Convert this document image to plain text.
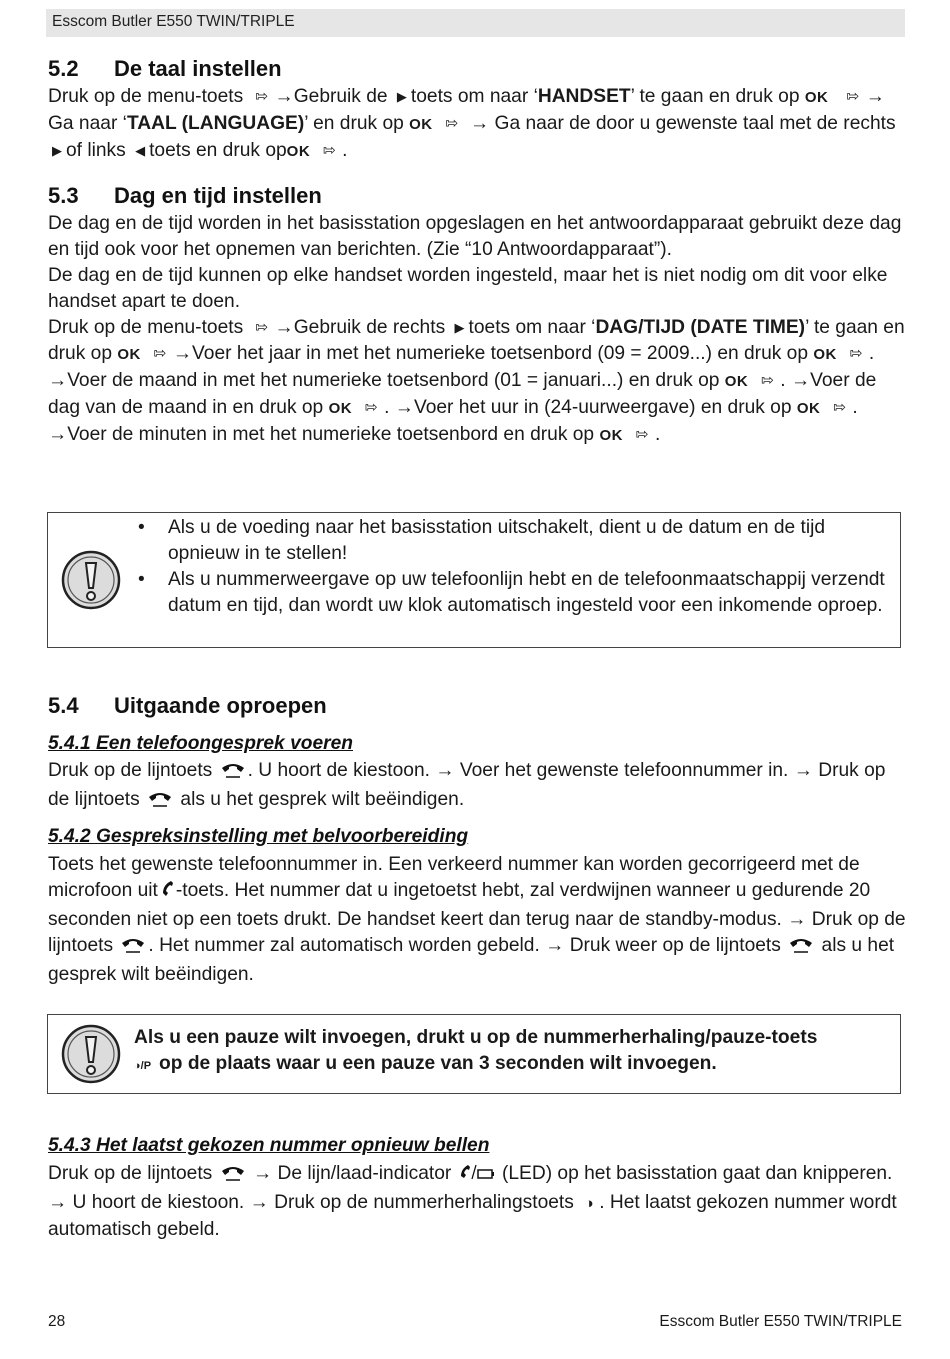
Esscom Butler E550 TWIN/TRIPLE
5.2 De taal instellen

Druk op de menu-toets ⇰ →Gebruik de ▶ toets om naar ‘HANDSET’ te gaan en druk op OK ⇰ → Ga naar ‘TAAL (LANGUAGE)’ en druk op OK ⇰ → Ga naar de door u gewenste taal met de rechts ▶ of links ◀ toets en druk opOK ⇰ .

5.3 Dag en tijd instellen

De dag en de tijd worden in het basisstation opgeslagen en het antwoordapparaat gebruikt deze dag en tijd ook voor het opnemen van berichten. (Zie “10 Antwoordapparaat”).

De dag en de tijd kunnen op elke handset worden ingesteld, maar het is niet nodig om dit voor elke handset apart te doen.

Druk op de menu-toets ⇰ →Gebruik de rechts ▶ toets om naar ‘DAG/TIJD (DATE TIME)’ te gaan en druk op OK ⇰ →Voer het jaar in met het numerieke toetsenbord (09 = 2009...) en druk op OK ⇰ . →Voer de maand in met het numerieke toetsenbord (01 = januari...) en druk op OK ⇰ . →Voer de dag van de maand in en druk op OK ⇰ . →Voer het uur in (24-uurweergave) en druk op OK ⇰ . →Voer de minuten in met het numerieke toetsenbord en druk op OK ⇰ .

• Als u de voeding naar het basisstation uitschakelt, dient u de datum en de tijd opnieuw in te stellen!
• Als u nummerweergave op uw telefoonlijn hebt en de telefoonmaatschappij verzendt datum en tijd, dan wordt uw klok automatisch ingesteld voor een inkomende oproep.
5.4 Uitgaande oproepen
5.4.1 Een telefoongesprek voeren

Druk op de lijntoets . U hoort de kiestoon. → Voer het gewenste telefoonnummer in. → Druk op de lijntoets als u het gesprek wilt beëindigen.

5.4.2 Gespreksinstelling met belvoorbereiding

Toets het gewenste telefoonnummer in. Een verkeerd nummer kan worden gecorrigeerd met de microfoon uit -toets. Het nummer dat u ingetoetst hebt, zal verdwijnen wanneer u gedurende 20 seconden niet op een toets drukt. De handset keert dan terug naar de standby-modus. → Druk op de lijntoets . Het nummer zal automatisch worden gebeld. → Druk weer op de lijntoets als u het gesprek wilt beëindigen.

Als u een pauze wilt invoegen, drukt u op de nummerherhaling/pauze-toets
◑/P op de plaats waar u een pauze van 3 seconden wilt invoegen.

5.4.3 Het laatst gekozen nummer opnieuw bellen

Druk op de lijntoets → De lijn/laad-indicator	(LED) op het basisstation gaat dan knipperen. → U hoort de kiestoon. → Druk op de nummerherhalingstoets ◑ . Het laatst gekozen nummer wordt automatisch gebeld.

28	Esscom Butler E550 TWIN/TRIPLE
